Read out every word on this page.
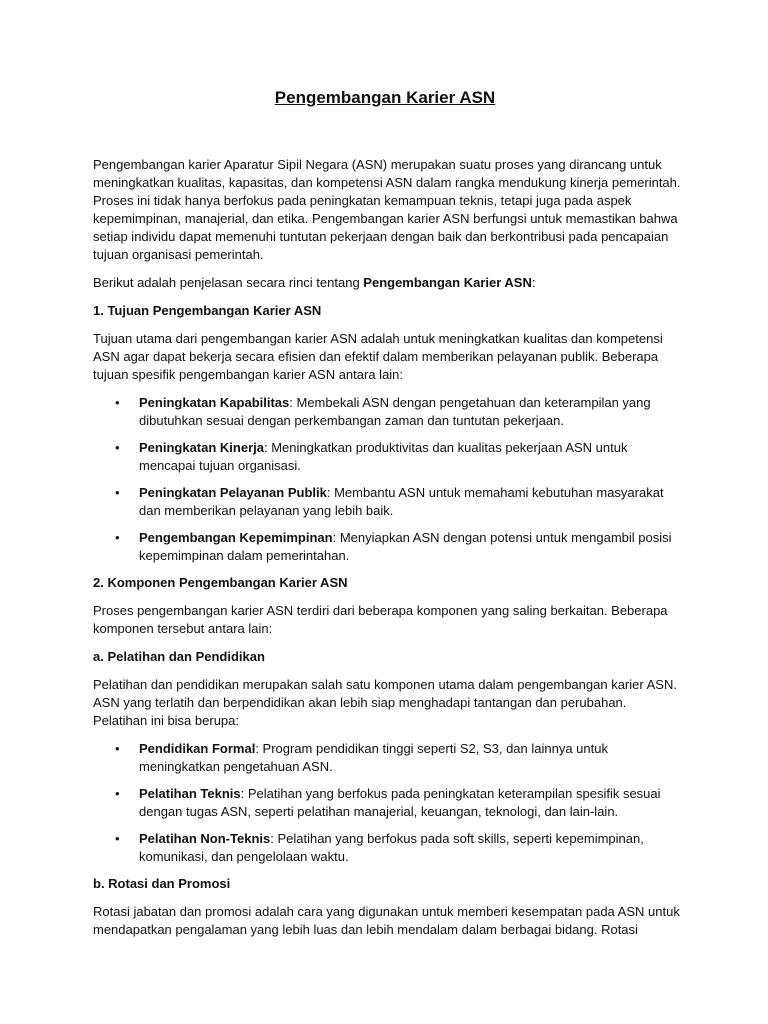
Pengembangan Karier ASN

Pengembangan karier Aparatur Sipil Negara (ASN) merupakan suatu proses yang dirancang untuk meningkatkan kualitas, kapasitas, dan kompetensi ASN dalam rangka mendukung kinerja pemerintah. Proses ini tidak hanya berfokus pada peningkatan kemampuan teknis, tetapi juga pada aspek kepemimpinan, manajerial, dan etika. Pengembangan karier ASN berfungsi untuk memastikan bahwa setiap individu dapat memenuhi tuntutan pekerjaan dengan baik dan berkontribusi pada pencapaian tujuan organisasi pemerintah.

Berikut adalah penjelasan secara rinci tentang Pengembangan Karier ASN:

1. Tujuan Pengembangan Karier ASN

Tujuan utama dari pengembangan karier ASN adalah untuk meningkatkan kualitas dan kompetensi ASN agar dapat bekerja secara efisien dan efektif dalam memberikan pelayanan publik. Beberapa tujuan spesifik pengembangan karier ASN antara lain:

• Peningkatan Kapabilitas: Membekali ASN dengan pengetahuan dan keterampilan yang dibutuhkan sesuai dengan perkembangan zaman dan tuntutan pekerjaan.
• Peningkatan Kinerja: Meningkatkan produktivitas dan kualitas pekerjaan ASN untuk mencapai tujuan organisasi.
• Peningkatan Pelayanan Publik: Membantu ASN untuk memahami kebutuhan masyarakat dan memberikan pelayanan yang lebih baik.
• Pengembangan Kepemimpinan: Menyiapkan ASN dengan potensi untuk mengambil posisi kepemimpinan dalam pemerintahan.
2. Komponen Pengembangan Karier ASN

Proses pengembangan karier ASN terdiri dari beberapa komponen yang saling berkaitan. Beberapa komponen tersebut antara lain:

a. Pelatihan dan Pendidikan

Pelatihan dan pendidikan merupakan salah satu komponen utama dalam pengembangan karier ASN. ASN yang terlatih dan berpendidikan akan lebih siap menghadapi tantangan dan perubahan. Pelatihan ini bisa berupa:

• Pendidikan Formal: Program pendidikan tinggi seperti S2, S3, dan lainnya untuk meningkatkan pengetahuan ASN.
• Pelatihan Teknis: Pelatihan yang berfokus pada peningkatan keterampilan spesifik sesuai dengan tugas ASN, seperti pelatihan manajerial, keuangan, teknologi, dan lain-lain.
• Pelatihan Non-Teknis: Pelatihan yang berfokus pada soft skills, seperti kepemimpinan, komunikasi, dan pengelolaan waktu.
b. Rotasi dan Promosi

Rotasi jabatan dan promosi adalah cara yang digunakan untuk memberi kesempatan pada ASN untuk mendapatkan pengalaman yang lebih luas dan lebih mendalam dalam berbagai bidang. Rotasi
